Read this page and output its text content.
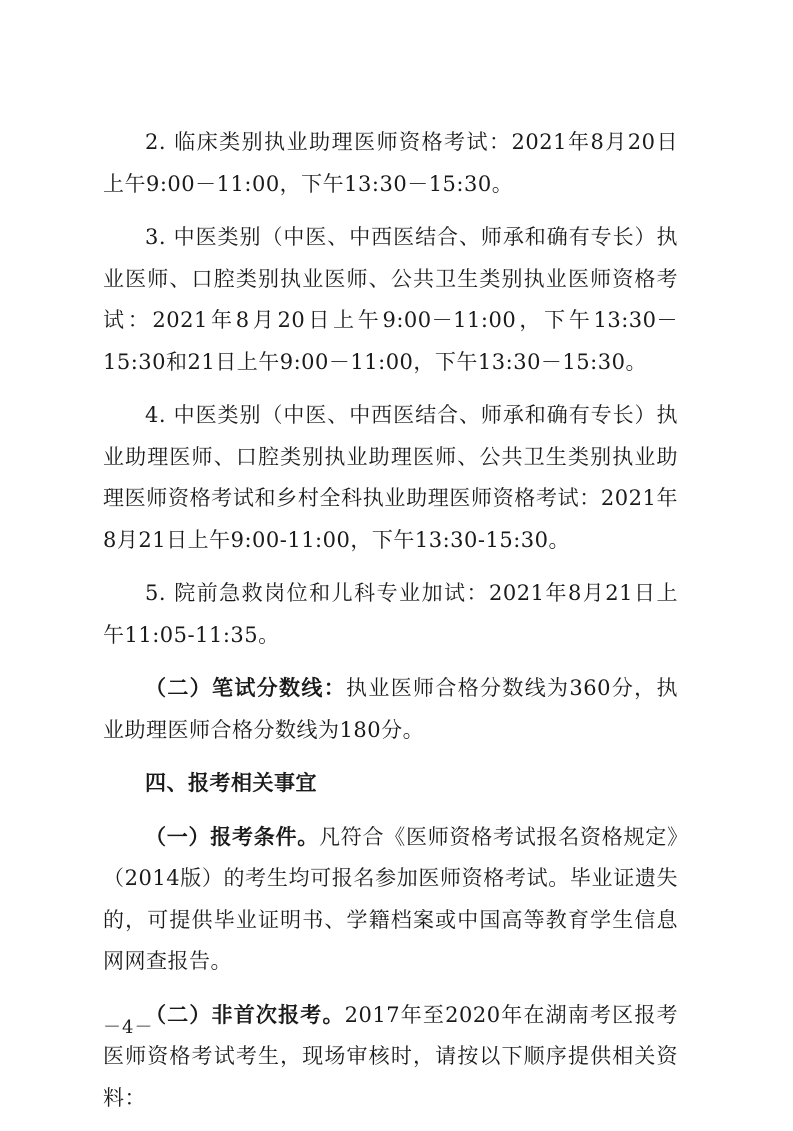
2. 临床类别执业助理医师资格考试：2021年8月20日上午9:00－11:00，下午13:30－15:30。

3. 中医类别（中医、中西医结合、师承和确有专长）执业医师、口腔类别执业医师、公共卫生类别执业医师资格考试：2021年8月20日上午9:00－11:00，下午13:30－15:30和21日上午9:00－11:00，下午13:30－15:30。

4. 中医类别（中医、中西医结合、师承和确有专长）执业助理医师、口腔类别执业助理医师、公共卫生类别执业助理医师资格考试和乡村全科执业助理医师资格考试：2021年8月21日上午9:00-11:00，下午13:30-15:30。

5. 院前急救岗位和儿科专业加试：2021年8月21日上午11:05-11:35。

（二）笔试分数线：执业医师合格分数线为360分，执业助理医师合格分数线为180分。

四、报考相关事宜

（一）报考条件。凡符合《医师资格考试报名资格规定》（2014版）的考生均可报名参加医师资格考试。毕业证遗失的，可提供毕业证明书、学籍档案或中国高等教育学生信息网网查报告。

（二）非首次报考。2017年至2020年在湖南考区报考医师资格考试考生，现场审核时，请按以下顺序提供相关资料：

－4－
